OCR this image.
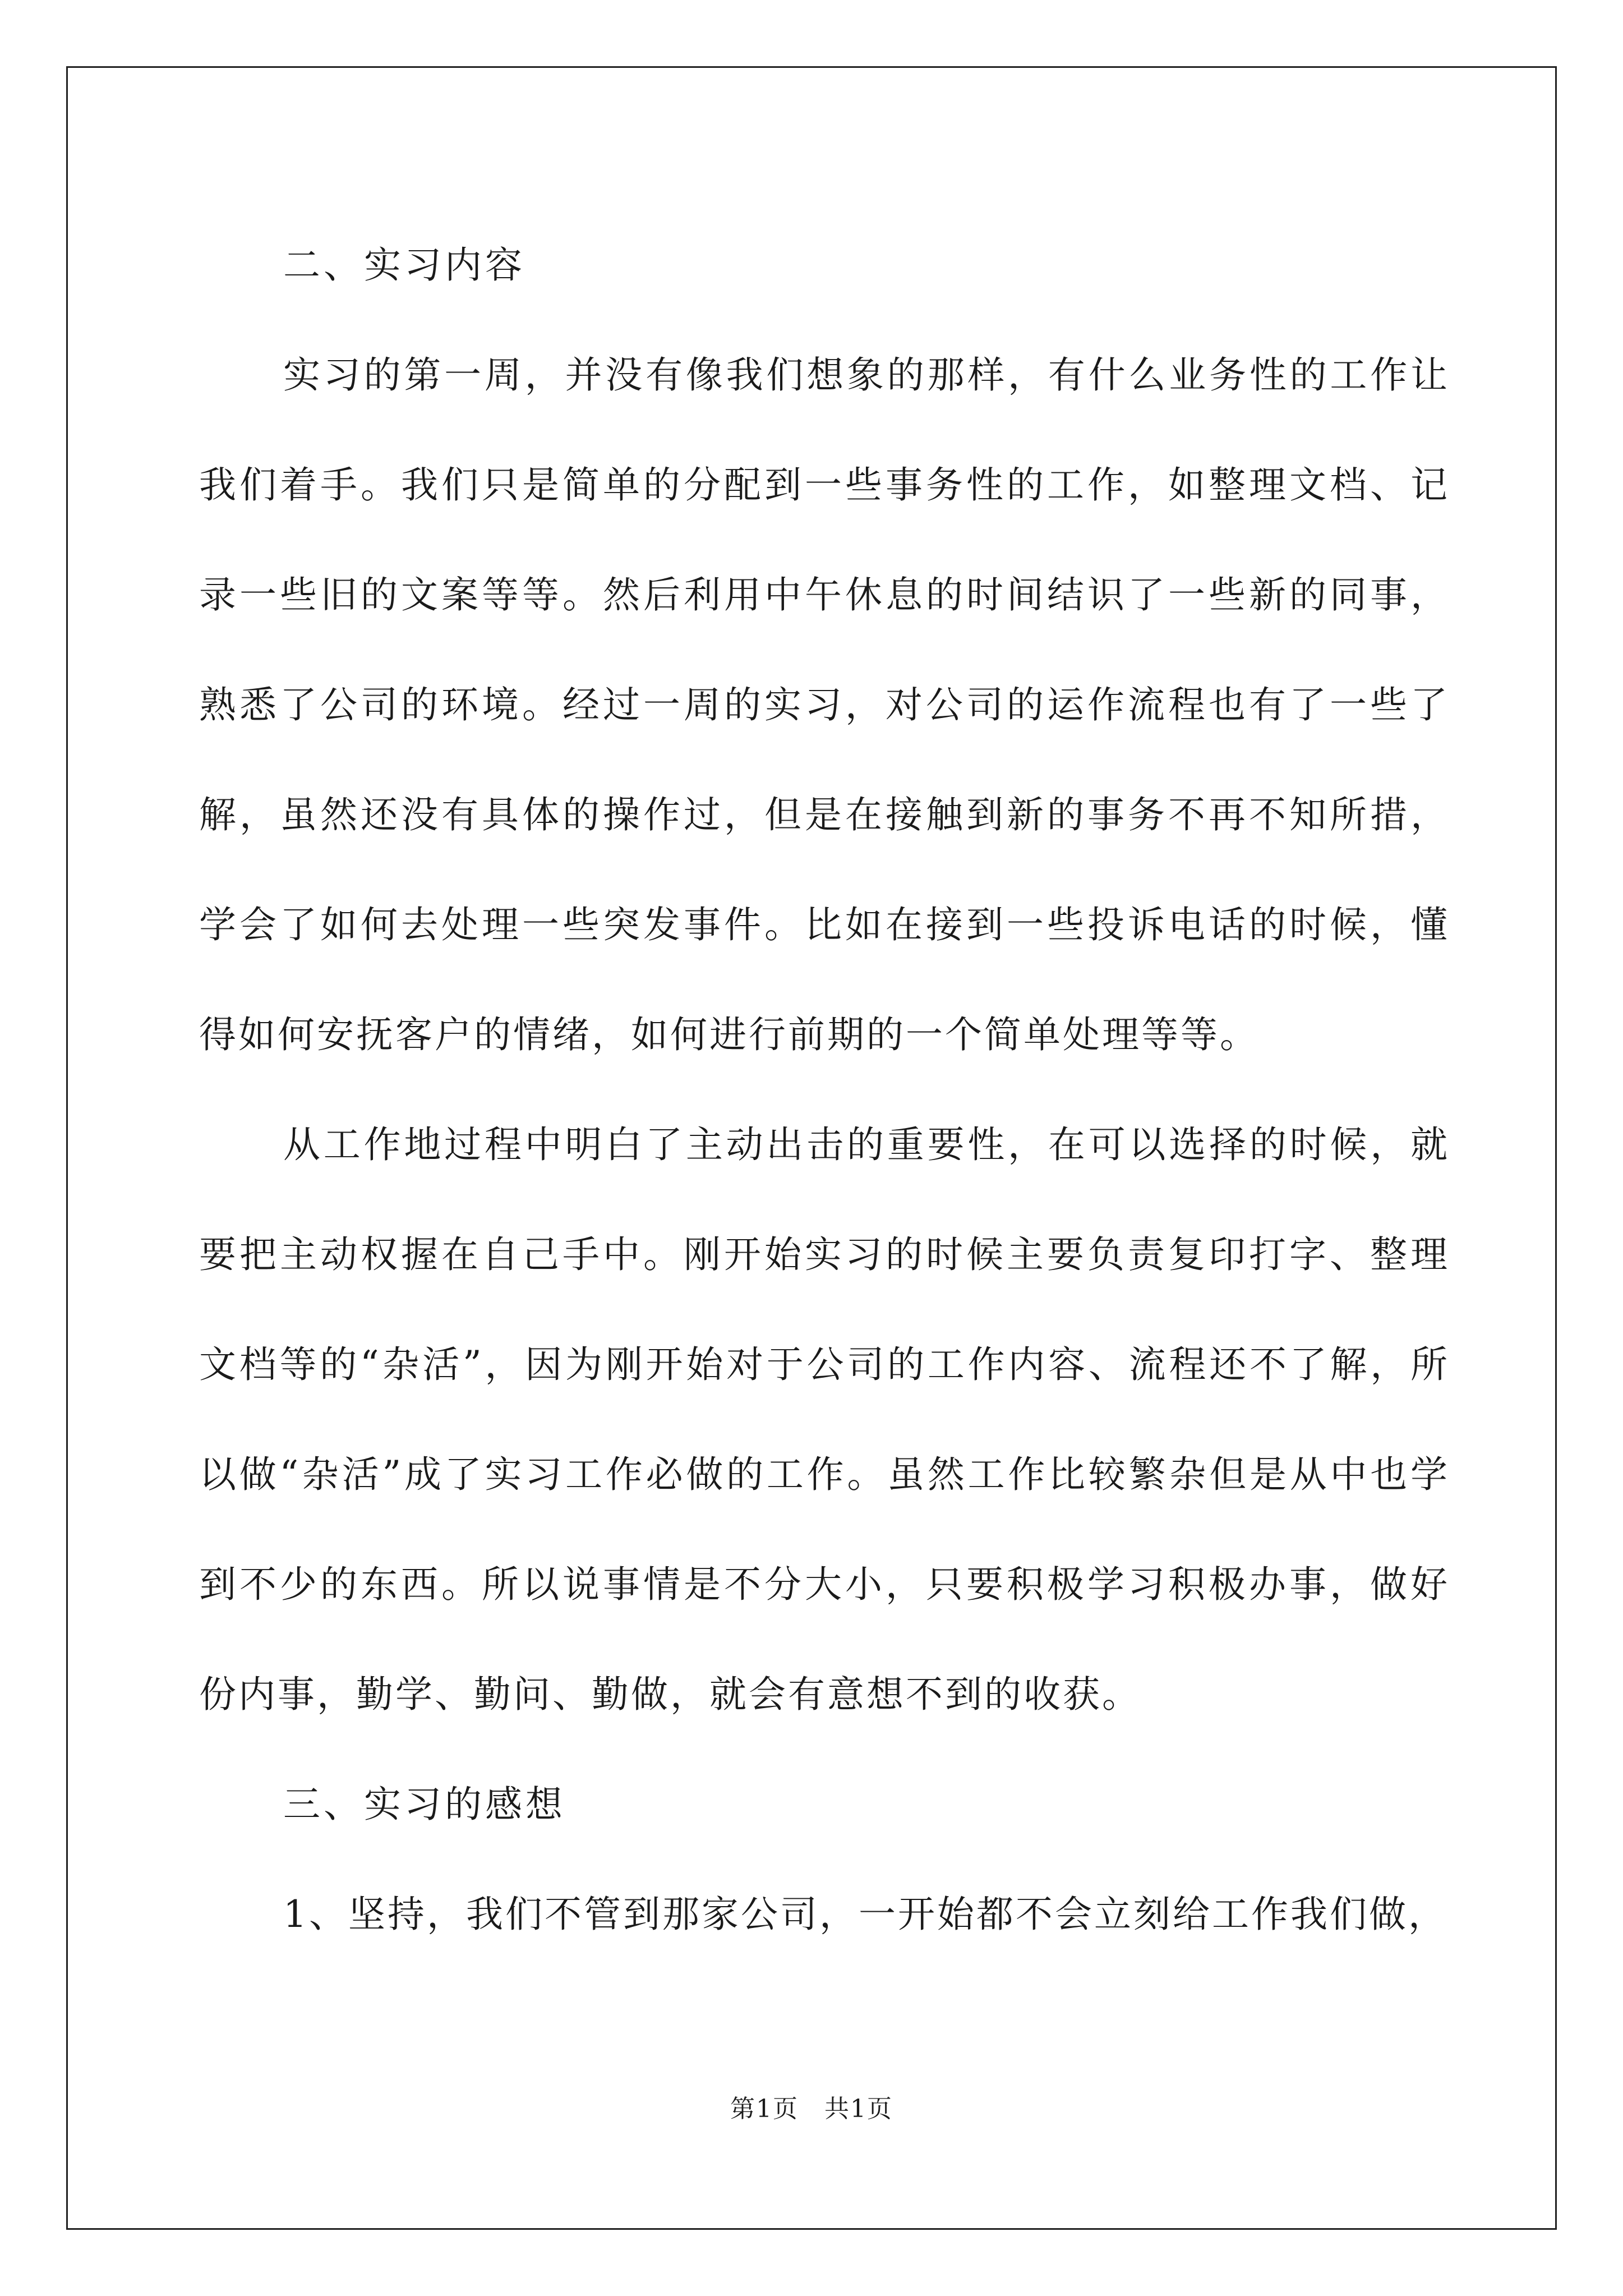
二、实习内容

实习的第一周，并没有像我们想象的那样，有什么业务性的工作让我们着手。我们只是简单的分配到一些事务性的工作，如整理文档、记录一些旧的文案等等。然后利用中午休息的时间结识了一些新的同事，熟悉了公司的环境。经过一周的实习，对公司的运作流程也有了一些了解，虽然还没有具体的操作过，但是在接触到新的事务不再不知所措，学会了如何去处理一些突发事件。比如在接到一些投诉电话的时候，懂得如何安抚客户的情绪，如何进行前期的一个简单处理等等。

从工作地过程中明白了主动出击的重要性，在可以选择的时候，就要把主动权握在自己手中。刚开始实习的时候主要负责复印打字、整理文档等的“杂活”，因为刚开始对于公司的工作内容、流程还不了解，所以做“杂活”成了实习工作必做的工作。虽然工作比较繁杂但是从中也学到不少的东西。所以说事情是不分大小，只要积极学习积极办事，做好份内事，勤学、勤问、勤做，就会有意想不到的收获。

三、实习的感想

1、坚持，我们不管到那家公司，一开始都不会立刻给工作我们做，

第1页　共1页
